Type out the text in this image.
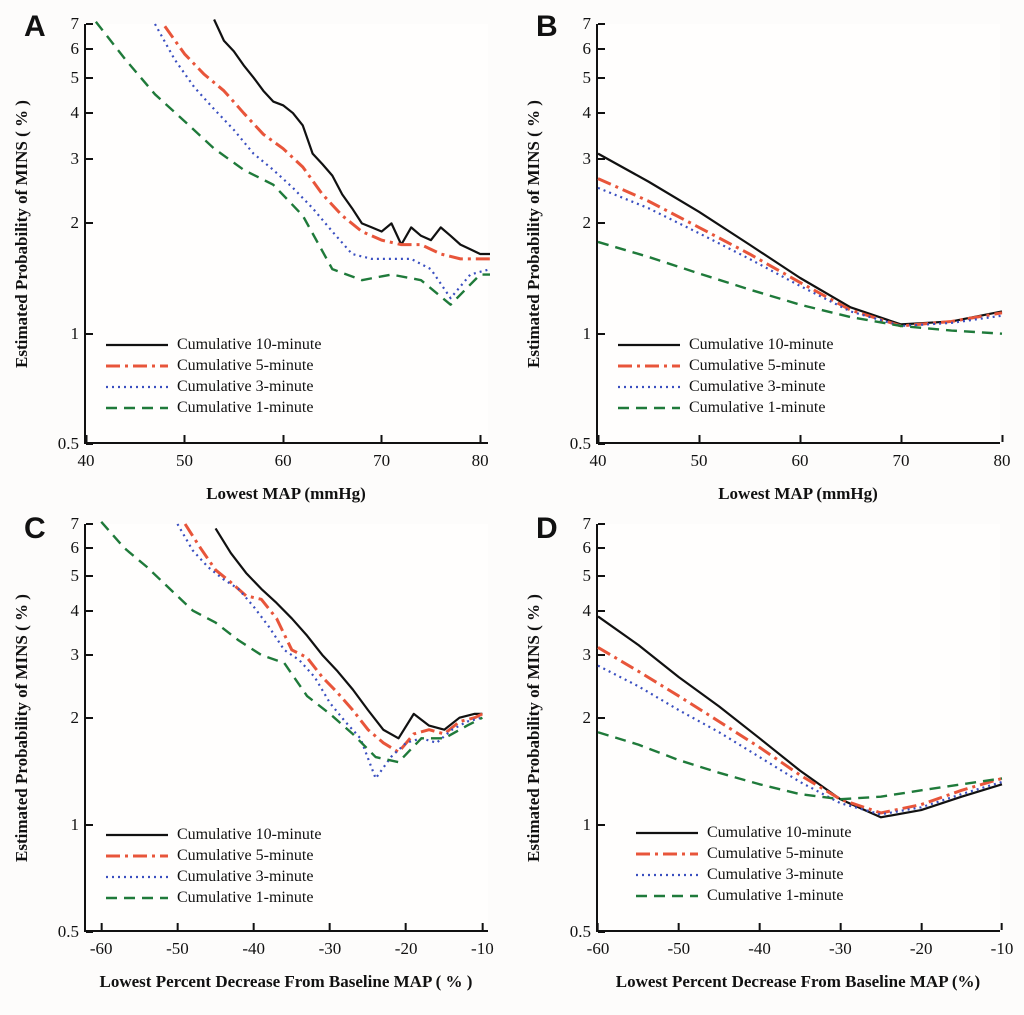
A
0.5
1
2
3
4
5
6
7
40	50	60	70	80
Cumulative 10-minute
Cumulative 5-minute
Cumulative 3-minute
Cumulative 1-minute
Estimated Probability of MINS ( % )
Lowest MAP (mmHg)
B
0.5
1
2
3
4
5
6
7
40	50	60	70	80
Cumulative 10-minute
Cumulative 5-minute
Cumulative 3-minute
Cumulative 1-minute
Estimated Probability of MINS ( % )
Lowest MAP (mmHg)
C
0.5
1
2
3
4
5
6
7
-60	-50	-40	-30	-20	-10
Cumulative 10-minute
Cumulative 5-minute
Cumulative 3-minute
Cumulative 1-minute
Estimated Probability of MINS ( % )
Lowest Percent Decrease From Baseline MAP ( % )
D
0.5
1
2
3
4
5
6
7
-60	-50	-40	-30	-20	-10
Cumulative 10-minute
Cumulative 5-minute
Cumulative 3-minute
Cumulative 1-minute
Estimated Probability of MINS ( % )
Lowest Percent Decrease From Baseline MAP (%)
